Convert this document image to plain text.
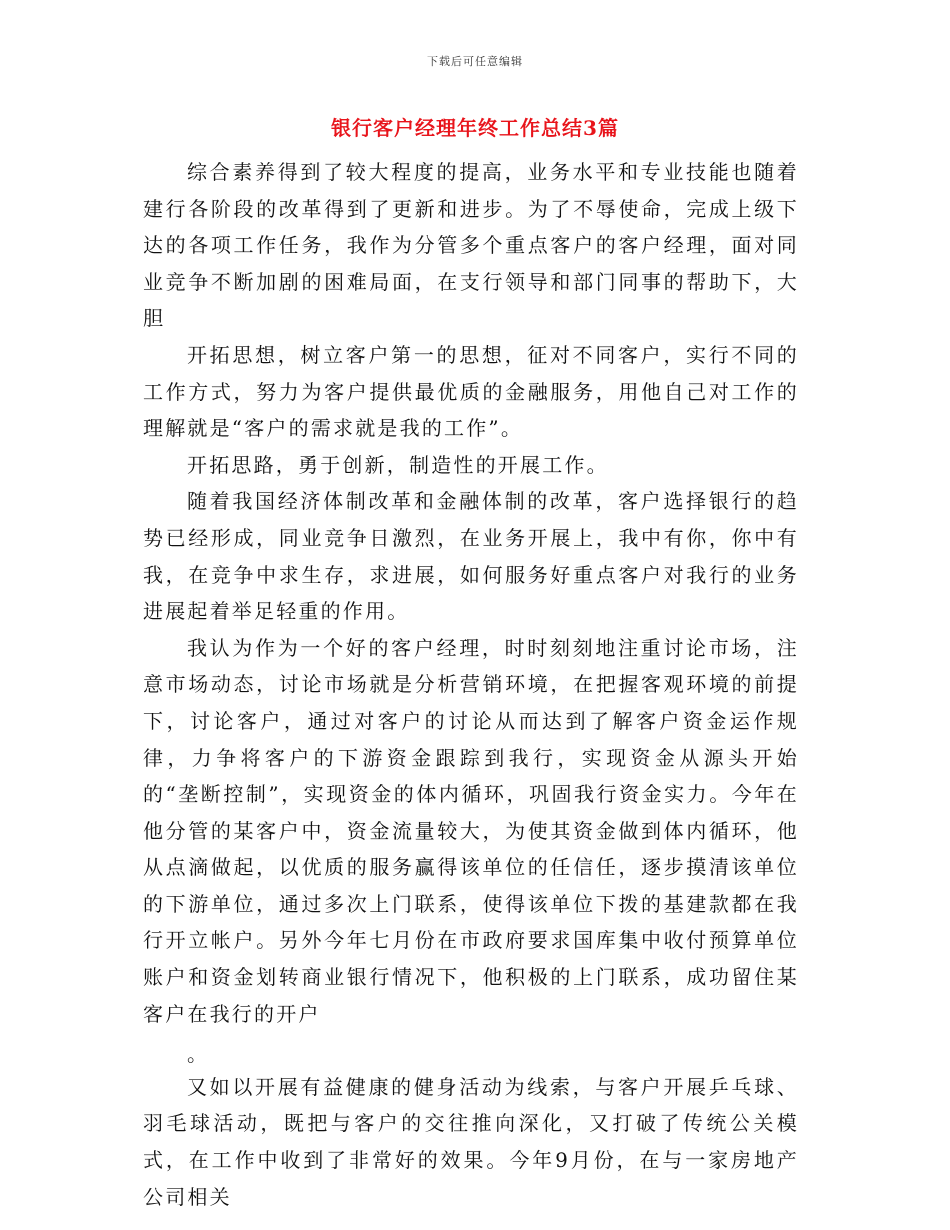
下载后可任意编辑
银行客户经理年终工作总结3篇

综合素养得到了较大程度的提高，业务水平和专业技能也随着建行各阶段的改革得到了更新和进步。为了不辱使命，完成上级下达的各项工作任务，我作为分管多个重点客户的客户经理，面对同业竞争不断加剧的困难局面，在支行领导和部门同事的帮助下，大胆

开拓思想，树立客户第一的思想，征对不同客户，实行不同的工作方式，努力为客户提供最优质的金融服务，用他自己对工作的理解就是“客户的需求就是我的工作”。

开拓思路，勇于创新，制造性的开展工作。

随着我国经济体制改革和金融体制的改革，客户选择银行的趋势已经形成，同业竞争日激烈，在业务开展上，我中有你，你中有我，在竞争中求生存，求进展，如何服务好重点客户对我行的业务进展起着举足轻重的作用。

我认为作为一个好的客户经理，时时刻刻地注重讨论市场，注意市场动态，讨论市场就是分析营销环境，在把握客观环境的前提下，讨论客户，通过对客户的讨论从而达到了解客户资金运作规律，力争将客户的下游资金跟踪到我行，实现资金从源头开始的“垄断控制”，实现资金的体内循环，巩固我行资金实力。今年在他分管的某客户中，资金流量较大，为使其资金做到体内循环，他从点滴做起，以优质的服务赢得该单位的任信任，逐步摸清该单位的下游单位，通过多次上门联系，使得该单位下拨的基建款都在我行开立帐户。另外今年七月份在市政府要求国库集中收付预算单位账户和资金划转商业银行情况下，他积极的上门联系，成功留住某客户在我行的开户

。

又如以开展有益健康的健身活动为线索，与客户开展乒乓球、羽毛球活动，既把与客户的交往推向深化，又打破了传统公关模式，在工作中收到了非常好的效果。今年9月份，在与一家房地产公司相关
